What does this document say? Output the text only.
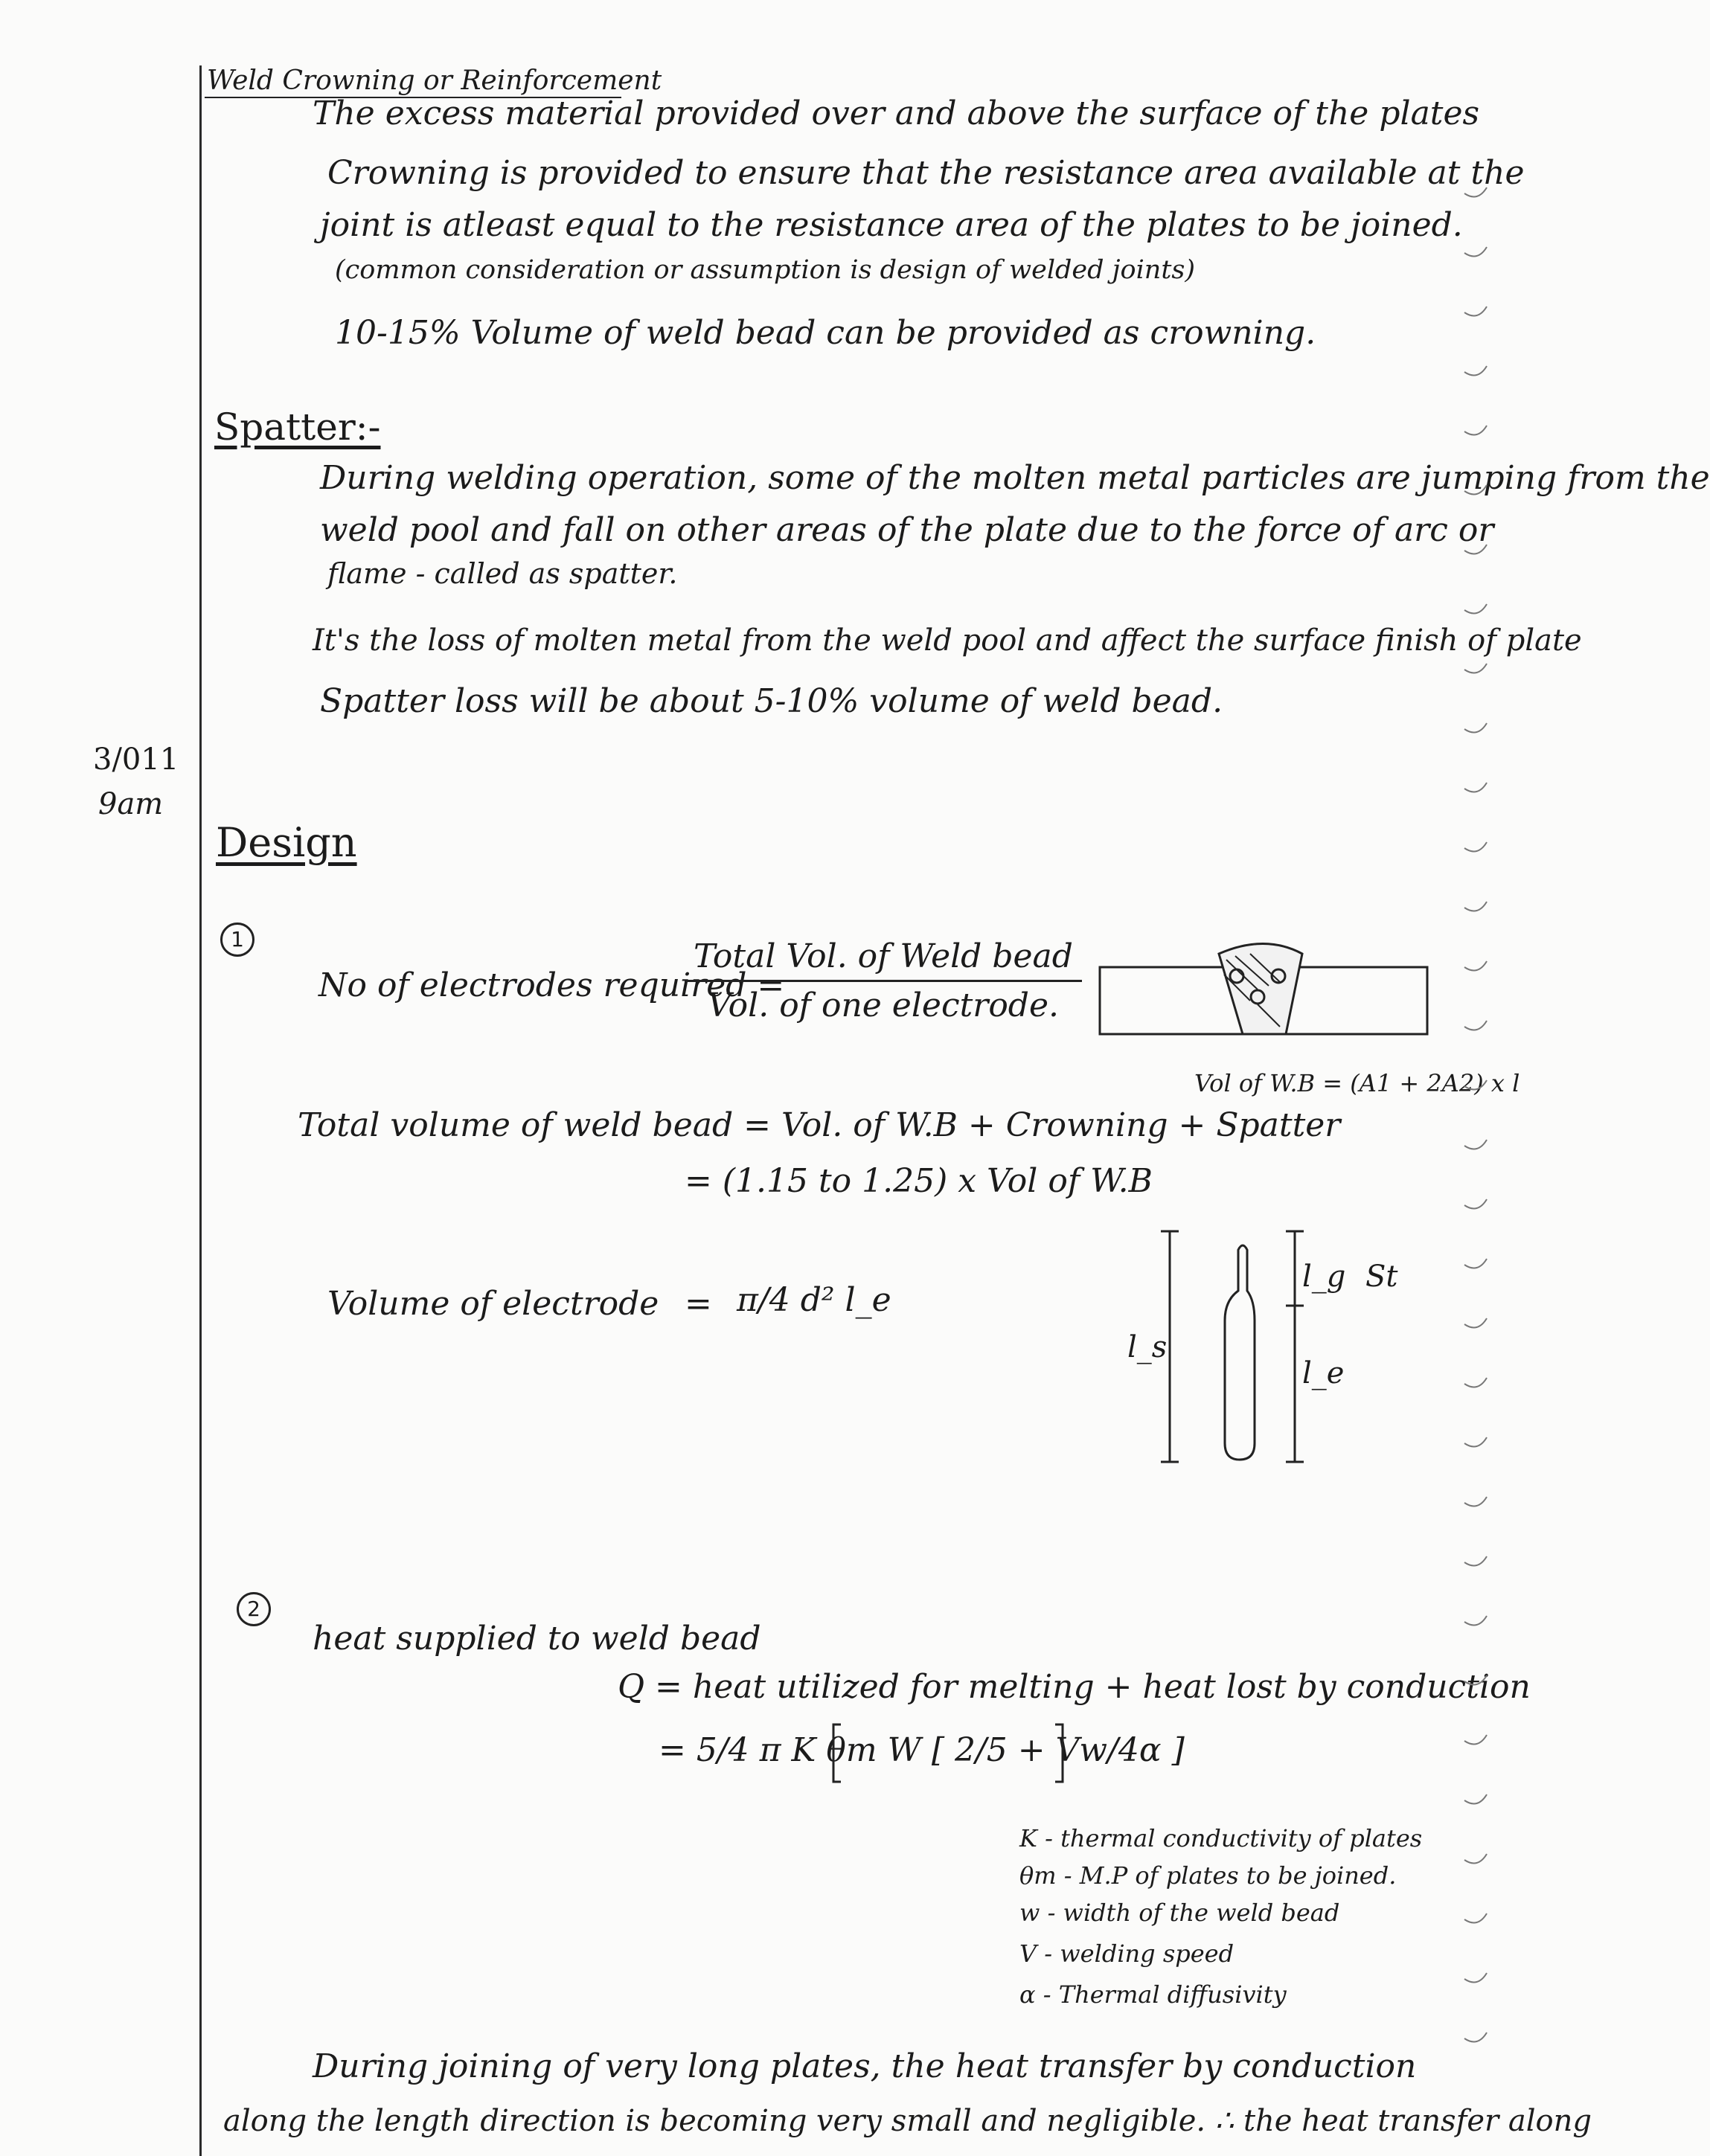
Weld Crowning or Reinforcement
The excess material provided over and above the surface of the plates
Crowning is provided to ensure that the resistance area available at the
joint is atleast equal to the resistance area of the plates to be joined.
(common consideration or assumption is design of welded joints)
10-15% Volume of weld bead can be provided as crowning.
Spatter:-
During welding operation, some of the molten metal particles are jumping from the
weld pool and fall on other areas of the plate due to the force of arc or
flame - called as spatter.
It's the loss of molten metal from the weld pool and affect the surface finish of plate
Spatter loss will be about 5-10% volume of weld bead.
3/011
9am
Design
1
No of electrodes required =
Total Vol. of Weld bead
Vol. of one electrode.
Vol of W.B = (A1 + 2A2) x l
Total volume of weld bead = Vol. of W.B + Crowning + Spatter
= (1.15 to 1.25) x Vol of W.B
Volume of electrode = π/4 d² l_e
l_s
l_g St
l_e
2
heat supplied to weld bead
Q = heat utilized for melting + heat lost by conduction
= 5/4 π K θm W [ 2/5 + Vw/4α ]
K - thermal conductivity of plates
θm - M.P of plates to be joined.
w - width of the weld bead
V - welding speed
α - Thermal diffusivity
During joining of very long plates, the heat transfer by conduction
along the length direction is becoming very small and negligible. ∴ the heat transfer along
